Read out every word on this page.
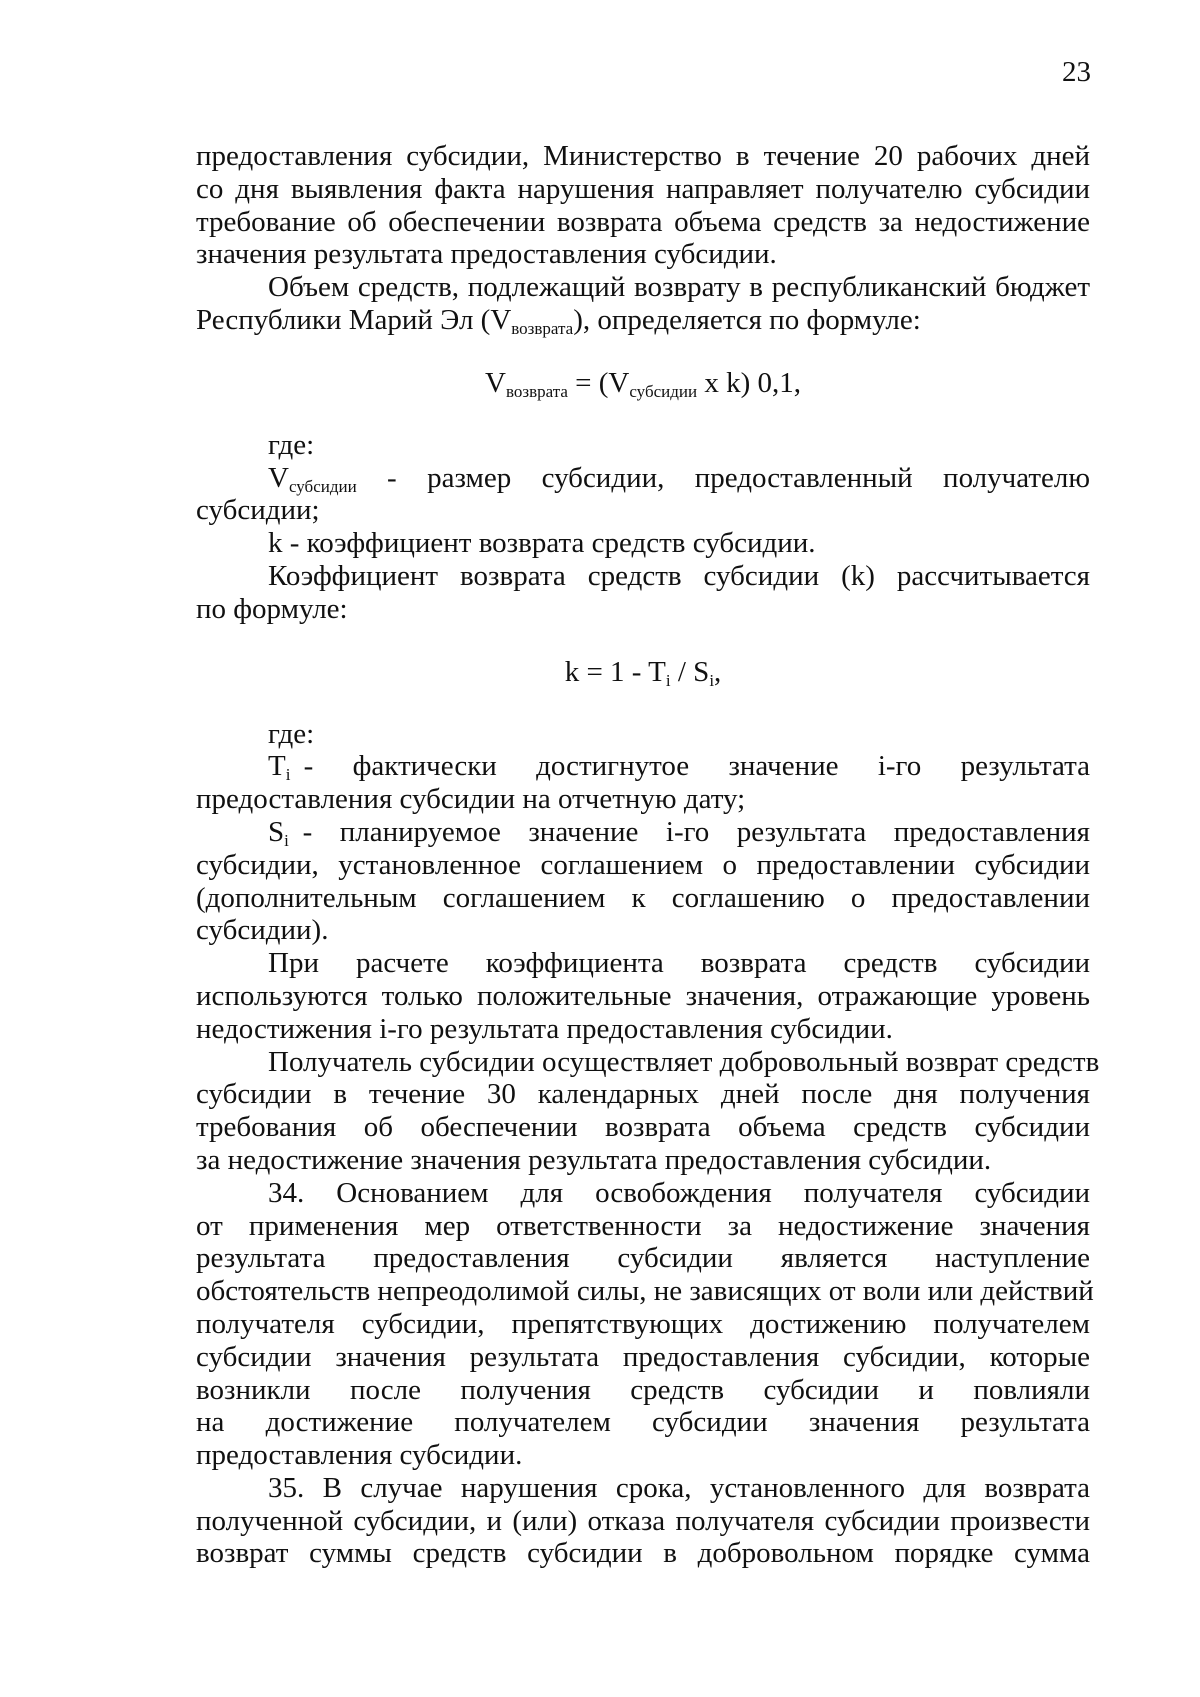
23
предоставления субсидии, Министерство в течение 20 рабочих дней
со дня выявления факта нарушения направляет получателю субсидии
требование об обеспечении возврата объема средств за недостижение
значения результата предоставления субсидии.
Объем средств, подлежащий возврату в республиканский бюджет
Республики Марий Эл $(V_{возврата})$, определяется по формуле:
$V_{возврата} = (V_{субсидии}$ х k) 0,1,
где:
$V_{субсидии}$ - размер субсидии, предоставленный получателю
субсидии;
k - коэффициент возврата средств субсидии.
Коэффициент возврата средств субсидии (k) рассчитывается
по формуле:
$k = 1 - T_i / S_i$,
где:
$T_i$ -   фактически   достигнутое   значение   i-го   результата
предоставления субсидии на отчетную дату;
$S_i$ -  планируемое  значение  i-го  результата  предоставления
субсидии, установленное соглашением о предоставлении субсидии
(дополнительным соглашением к соглашению о предоставлении
субсидии).
При расчете коэффициента возврата средств субсидии
используются только положительные значения, отражающие уровень
недостижения i-го результата предоставления субсидии.
Получатель субсидии осуществляет добровольный возврат средств
субсидии в течение 30 календарных дней после дня получения
требования об обеспечении возврата объема средств субсидии
за недостижение значения результата предоставления субсидии.
34. Основанием для освобождения получателя субсидии
от применения мер ответственности за недостижение значения
результата предоставления субсидии является наступление
обстоятельств непреодолимой силы, не зависящих от воли или действий
получателя субсидии, препятствующих достижению получателем
субсидии значения результата предоставления субсидии, которые
возникли после получения средств субсидии и повлияли
на достижение получателем субсидии значения результата
предоставления субсидии.
35. В случае нарушения срока, установленного для возврата
полученной субсидии, и (или) отказа получателя субсидии произвести
возврат суммы средств субсидии в добровольном порядке сумма
